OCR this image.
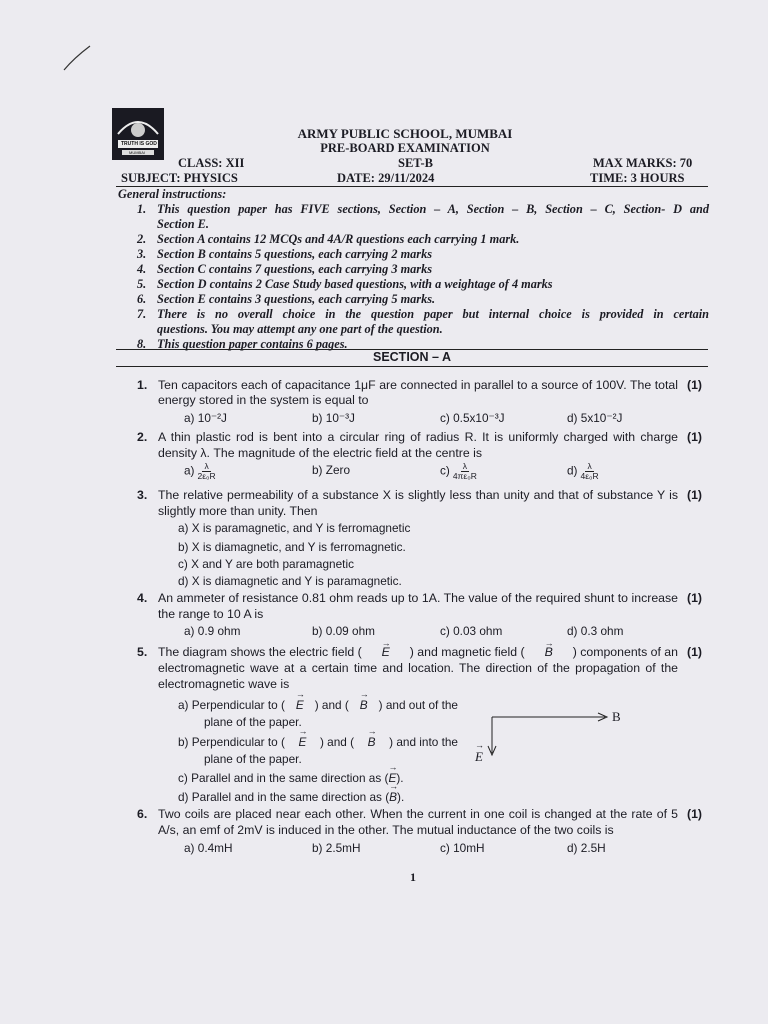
TRUTH IS GOD
MUMBAI
ARMY PUBLIC SCHOOL, MUMBAI
PRE-BOARD EXAMINATION
CLASS: XII	SET-B	MAX MARKS: 70
SUBJECT: PHYSICS	DATE: 29/11/2024	TIME: 3 HOURS
General instructions:
1. This question paper has FIVE sections, Section – A, Section – B, Section – C, Section- D and
Section E.
2. Section A contains 12 MCQs and 4A/R questions each carrying 1 mark.
3. Section B contains 5 questions, each carrying 2 marks
4. Section C contains 7 questions, each carrying 3 marks
5. Section D contains 2 Case Study based questions, with a weightage of 4 marks
6. Section E contains 3 questions, each carrying 5 marks.
7. There is no overall choice in the question paper but internal choice is provided in certain
questions. You may attempt any one part of the question.
8. This question paper contains 6 pages.
SECTION – A
1. Ten capacitors each of capacitance 1μF are connected in parallel to a source of 100V. The total (1)
energy stored in the system is equal to
a) 10⁻²J	b) 10⁻³J	c) 0.5x10⁻³J	d) 5x10⁻²J
2. A thin plastic rod is bent into a circular ring of radius R. It is uniformly charged with charge (1)
density λ. The magnitude of the electric field at the centre is
$a) \frac{\lambda}{\text{2ε₀R}}$	b) Zero	$c) \frac{\lambda}{\text{4πε₀R}}$	$d) \frac{\lambda}{\text{4ε₀R}}$
3. The relative permeability of a substance X is slightly less than unity and that of substance Y is (1)
slightly more than unity. Then
a) X is paramagnetic, and Y is ferromagnetic
b) X is diamagnetic, and Y is ferromagnetic.
c) X and Y are both paramagnetic
d) X is diamagnetic and Y is paramagnetic.
4. An ammeter of resistance 0.81 ohm reads up to 1A. The value of the required shunt to increase (1)
the range to 10 A is
a) 0.9 ohm	b) 0.09 ohm	c) 0.03 ohm	d) 0.3 ohm
5. The diagram shows the electric field ( → E ) and magnetic field ( → B ) components of an (1)
electromagnetic wave at a certain time and location. The direction of the propagation of the
electromagnetic wave is
a) Perpendicular to ( → E ) and ( → B ) and out of the
plane of the paper.
b) Perpendicular to ( → E ) and ( → B ) and into the
plane of the paper.
c) Parallel and in the same direction as (→ E).
d) Parallel and in the same direction as (→ B).
B
→ $_E$
6. Two coils are placed near each other. When the current in one coil is changed at the rate of 5 (1)
A/s, an emf of 2mV is induced in the other. The mutual inductance of the two coils is
a) 0.4mH	b) 2.5mH	c) 10mH	d) 2.5H
1
